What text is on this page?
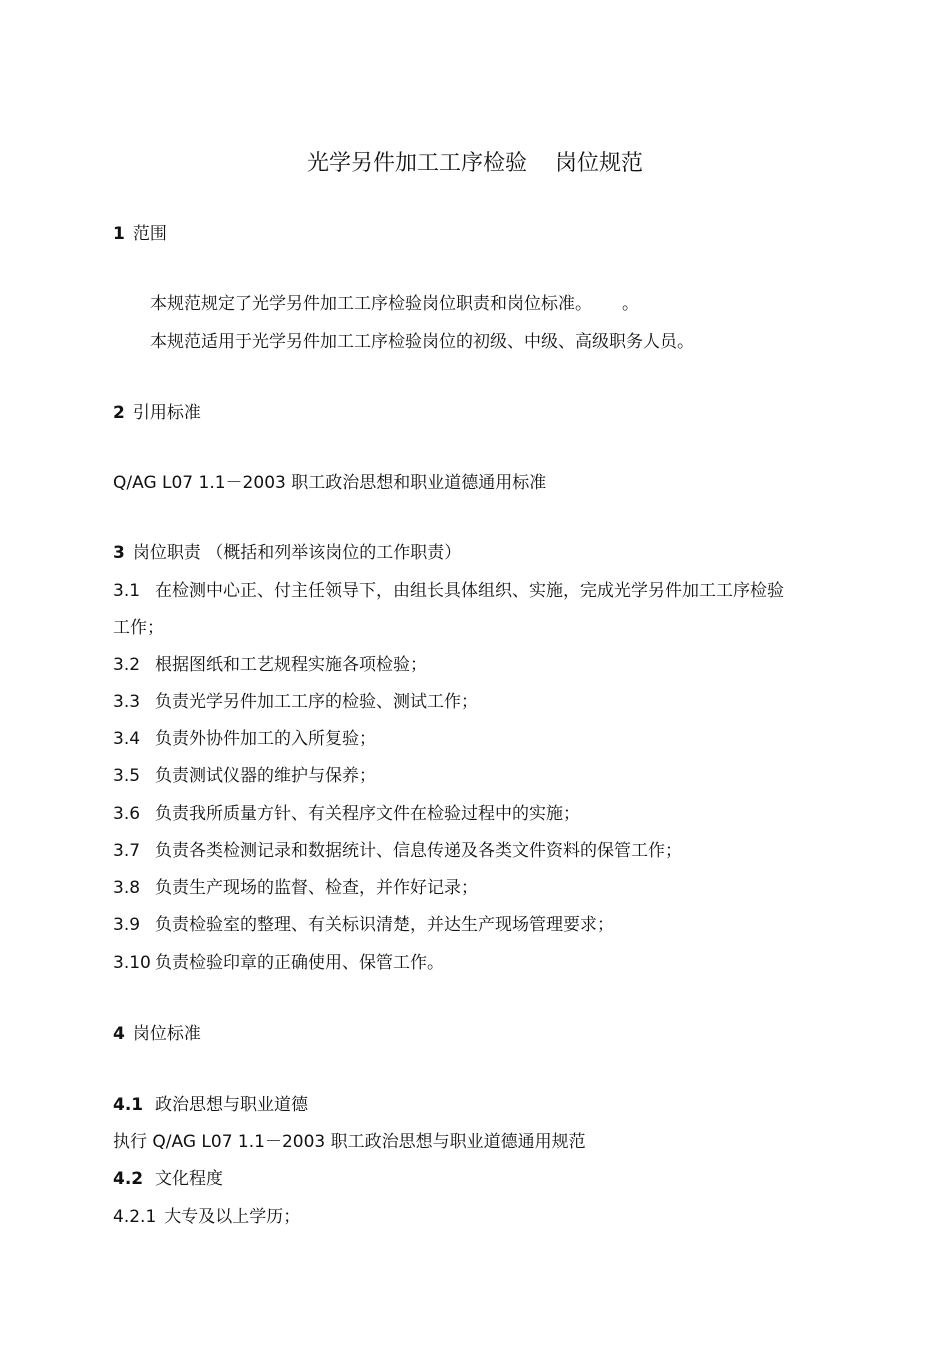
光学另件加工工序检验 岗位规范
1 范围
本规范规定了光学另件加工工序检验岗位职责和岗位标准。 。
本规范适用于光学另件加工工序检验岗位的初级、中级、高级职务人员。
2 引用标准
Q/AG L07 1.1－2003 职工政治思想和职业道德通用标准
3 岗位职责 （概括和列举该岗位的工作职责）
3.1 在检测中心正、付主任领导下，由组长具体组织、实施，完成光学另件加工工序检验
工作；
3.2 根据图纸和工艺规程实施各项检验；
3.3 负责光学另件加工工序的检验、测试工作；
3.4 负责外协件加工的入所复验；
3.5 负责测试仪器的维护与保养；
3.6 负责我所质量方针、有关程序文件在检验过程中的实施；
3.7 负责各类检测记录和数据统计、信息传递及各类文件资料的保管工作；
3.8 负责生产现场的监督、检查，并作好记录；
3.9 负责检验室的整理、有关标识清楚，并达生产现场管理要求；
3.10 负责检验印章的正确使用、保管工作。
4 岗位标准
4.1 政治思想与职业道德
执行 Q/AG L07 1.1－2003 职工政治思想与职业道德通用规范
4.2 文化程度
4.2.1 大专及以上学历；
